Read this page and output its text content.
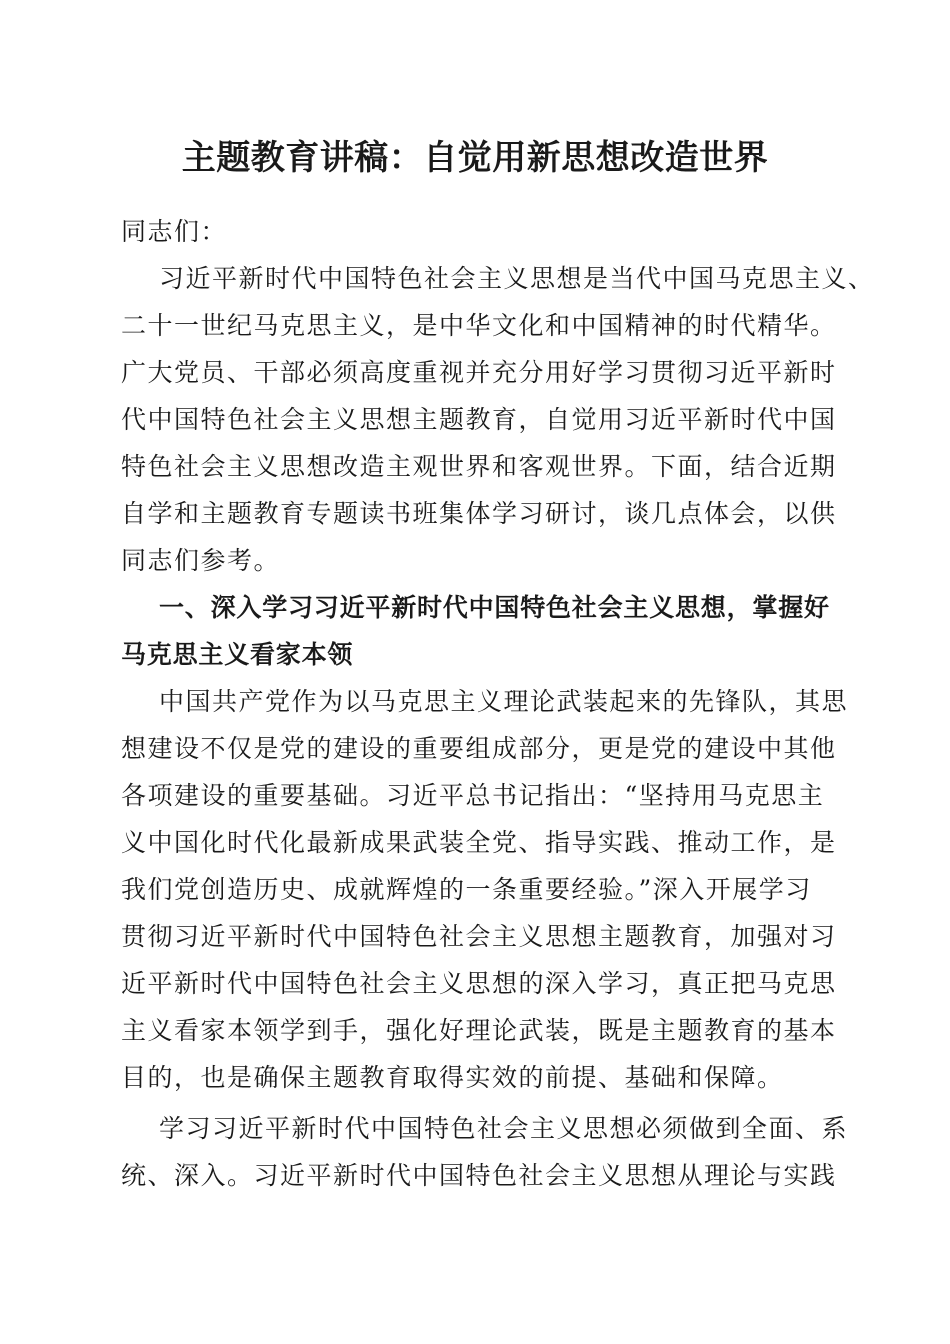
主题教育讲稿：自觉用新思想改造世界
同志们：
习近平新时代中国特色社会主义思想是当代中国马克思主义、
二十一世纪马克思主义，是中华文化和中国精神的时代精华。
广大党员、干部必须高度重视并充分用好学习贯彻习近平新时
代中国特色社会主义思想主题教育，自觉用习近平新时代中国
特色社会主义思想改造主观世界和客观世界。下面，结合近期
自学和主题教育专题读书班集体学习研讨，谈几点体会，以供
同志们参考。
一、深入学习习近平新时代中国特色社会主义思想，掌握好
马克思主义看家本领
中国共产党作为以马克思主义理论武装起来的先锋队，其思
想建设不仅是党的建设的重要组成部分，更是党的建设中其他
各项建设的重要基础。习近平总书记指出：“坚持用马克思主
义中国化时代化最新成果武装全党、指导实践、推动工作，是
我们党创造历史、成就辉煌的一条重要经验。”深入开展学习
贯彻习近平新时代中国特色社会主义思想主题教育，加强对习
近平新时代中国特色社会主义思想的深入学习，真正把马克思
主义看家本领学到手，强化好理论武装，既是主题教育的基本
目的，也是确保主题教育取得实效的前提、基础和保障。
学习习近平新时代中国特色社会主义思想必须做到全面、系
统、深入。习近平新时代中国特色社会主义思想从理论与实践
